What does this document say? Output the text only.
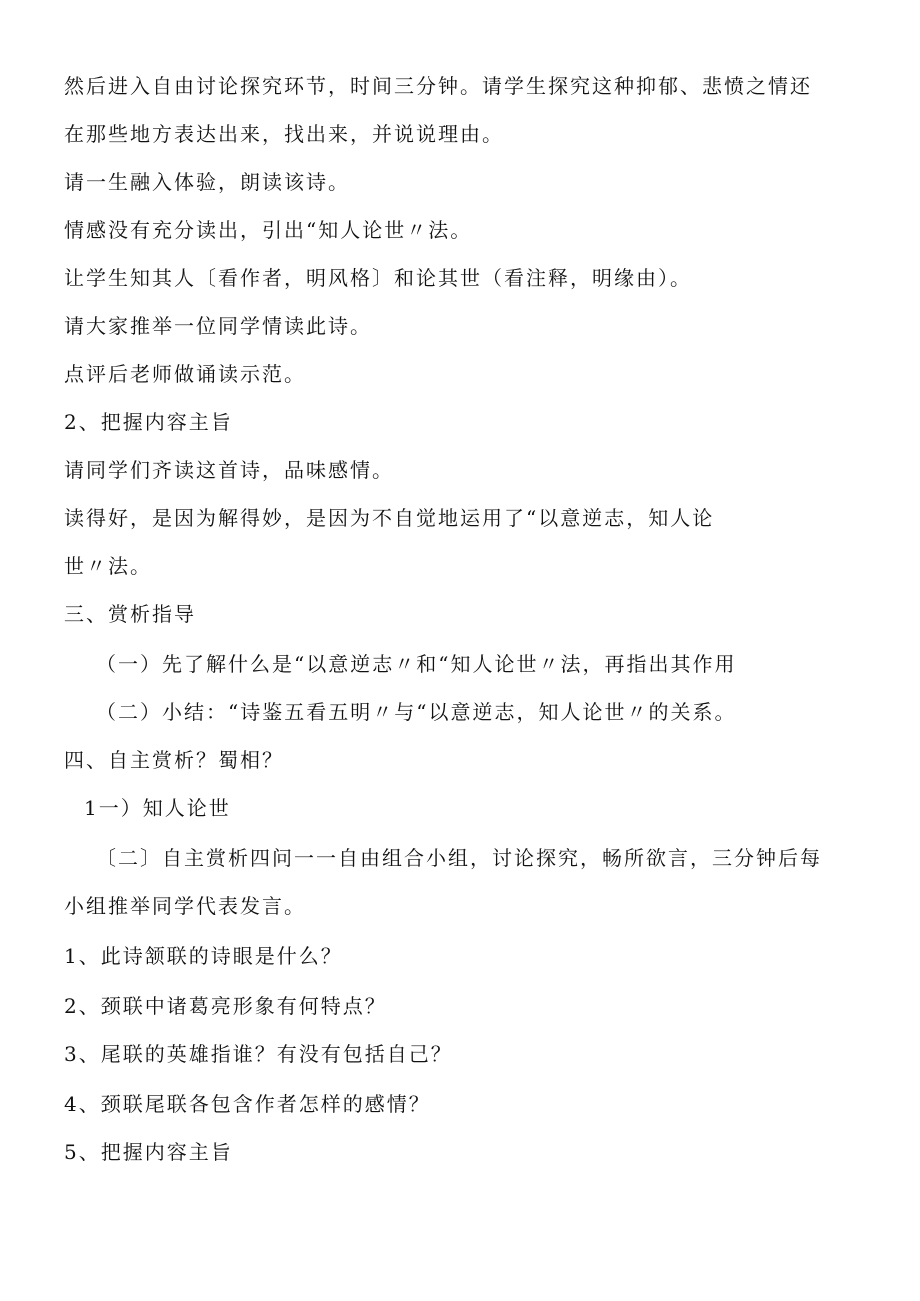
然后进入自由讨论探究环节，时间三分钟。请学生探究这种抑郁、悲愤之情还
在那些地方表达出来，找出来，并说说理由。
请一生融入体验，朗读该诗。
情感没有充分读出，引出“知人论世〃法。
让学生知其人〔看作者，明风格〕和论其世（看注释，明缘由）。
请大家推举一位同学情读此诗。
点评后老师做诵读示范。
2、把握内容主旨
请同学们齐读这首诗，品味感情。
读得好，是因为解得妙，是因为不自觉地运用了“以意逆志，知人论
世〃法。
三、赏析指导
（一）先了解什么是“以意逆志〃和“知人论世〃法，再指出其作用
（二）小结：“诗鉴五看五明〃与“以意逆志，知人论世〃的关系。
四、自主赏析？蜀相？
1一）知人论世
〔二〕自主赏析四问一一自由组合小组，讨论探究，畅所欲言，三分钟后每
小组推举同学代表发言。
1、此诗颔联的诗眼是什么？
2、颈联中诸葛亮形象有何特点？
3、尾联的英雄指谁？有没有包括自己？
4、颈联尾联各包含作者怎样的感情？
5、把握内容主旨
